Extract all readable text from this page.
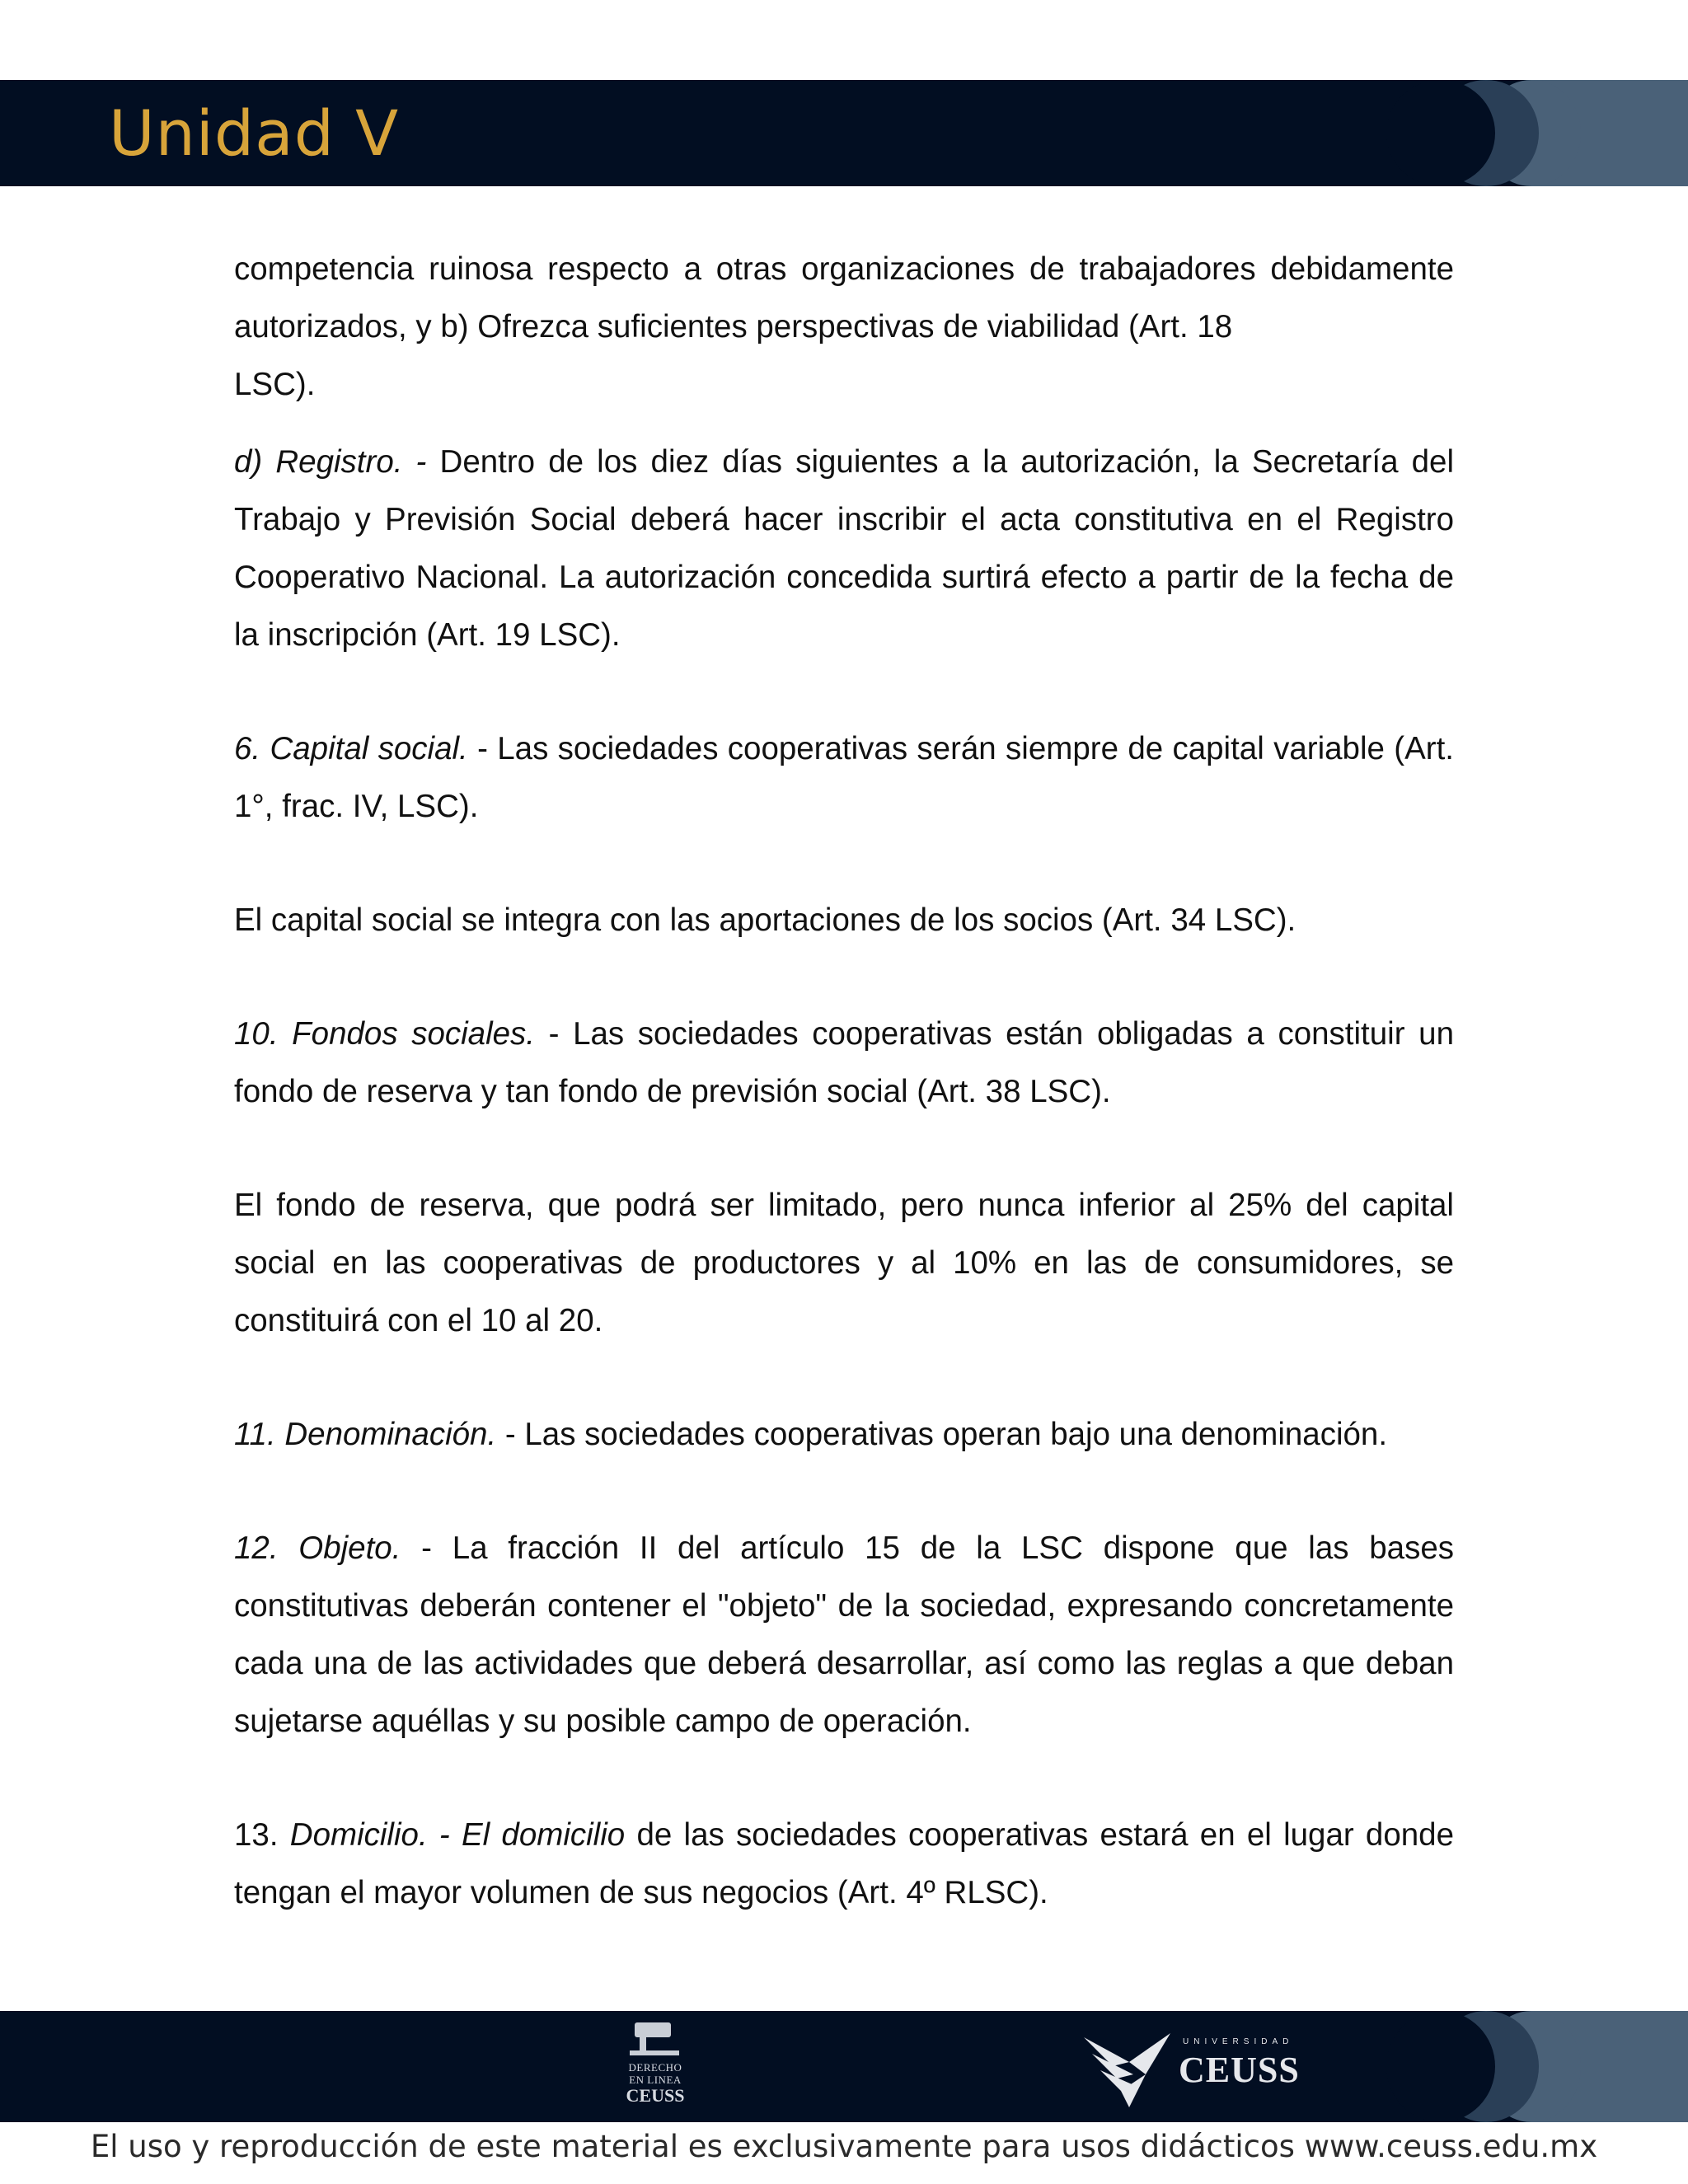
Unidad V

competencia ruinosa respecto a otras organizaciones de trabajadores debidamente autorizados, y b) Ofrezca suficientes perspectivas de viabilidad (Art. 18
LSC).

d) Registro. - Dentro de los diez días siguientes a la autorización, la Secretaría del Trabajo y Previsión Social deberá hacer inscribir el acta constitutiva en el Registro Cooperativo Nacional. La autorización concedida surtirá efecto a partir de la fecha de la inscripción (Art. 19 LSC).

6. Capital social. - Las sociedades cooperativas serán siempre de capital variable (Art. 1°, frac. IV, LSC).

El capital social se integra con las aportaciones de los socios (Art. 34 LSC).

10. Fondos sociales. - Las sociedades cooperativas están obligadas a constituir un fondo de reserva y tan fondo de previsión social (Art. 38 LSC).

El fondo de reserva, que podrá ser limitado, pero nunca inferior al 25% del capital social en las cooperativas de productores y al 10% en las de consumidores, se constituirá con el 10 al 20.

11. Denominación. - Las sociedades cooperativas operan bajo una denominación.

12. Objeto. - La fracción II del artículo 15 de la LSC dispone que las bases constitutivas deberán contener el "objeto" de la sociedad, expresando concretamente cada una de las actividades que deberá desarrollar, así como las reglas a que deban sujetarse aquéllas y su posible campo de operación.

13. Domicilio. - El domicilio de las sociedades cooperativas estará en el lugar donde tengan el mayor volumen de sus negocios (Art. 4º RLSC).

DERECHO
EN LINEA
CEUSS
UNIVERSIDAD
CEUSS
El uso y reproducción de este material es exclusivamente para usos didácticos www.ceuss.edu.mx
